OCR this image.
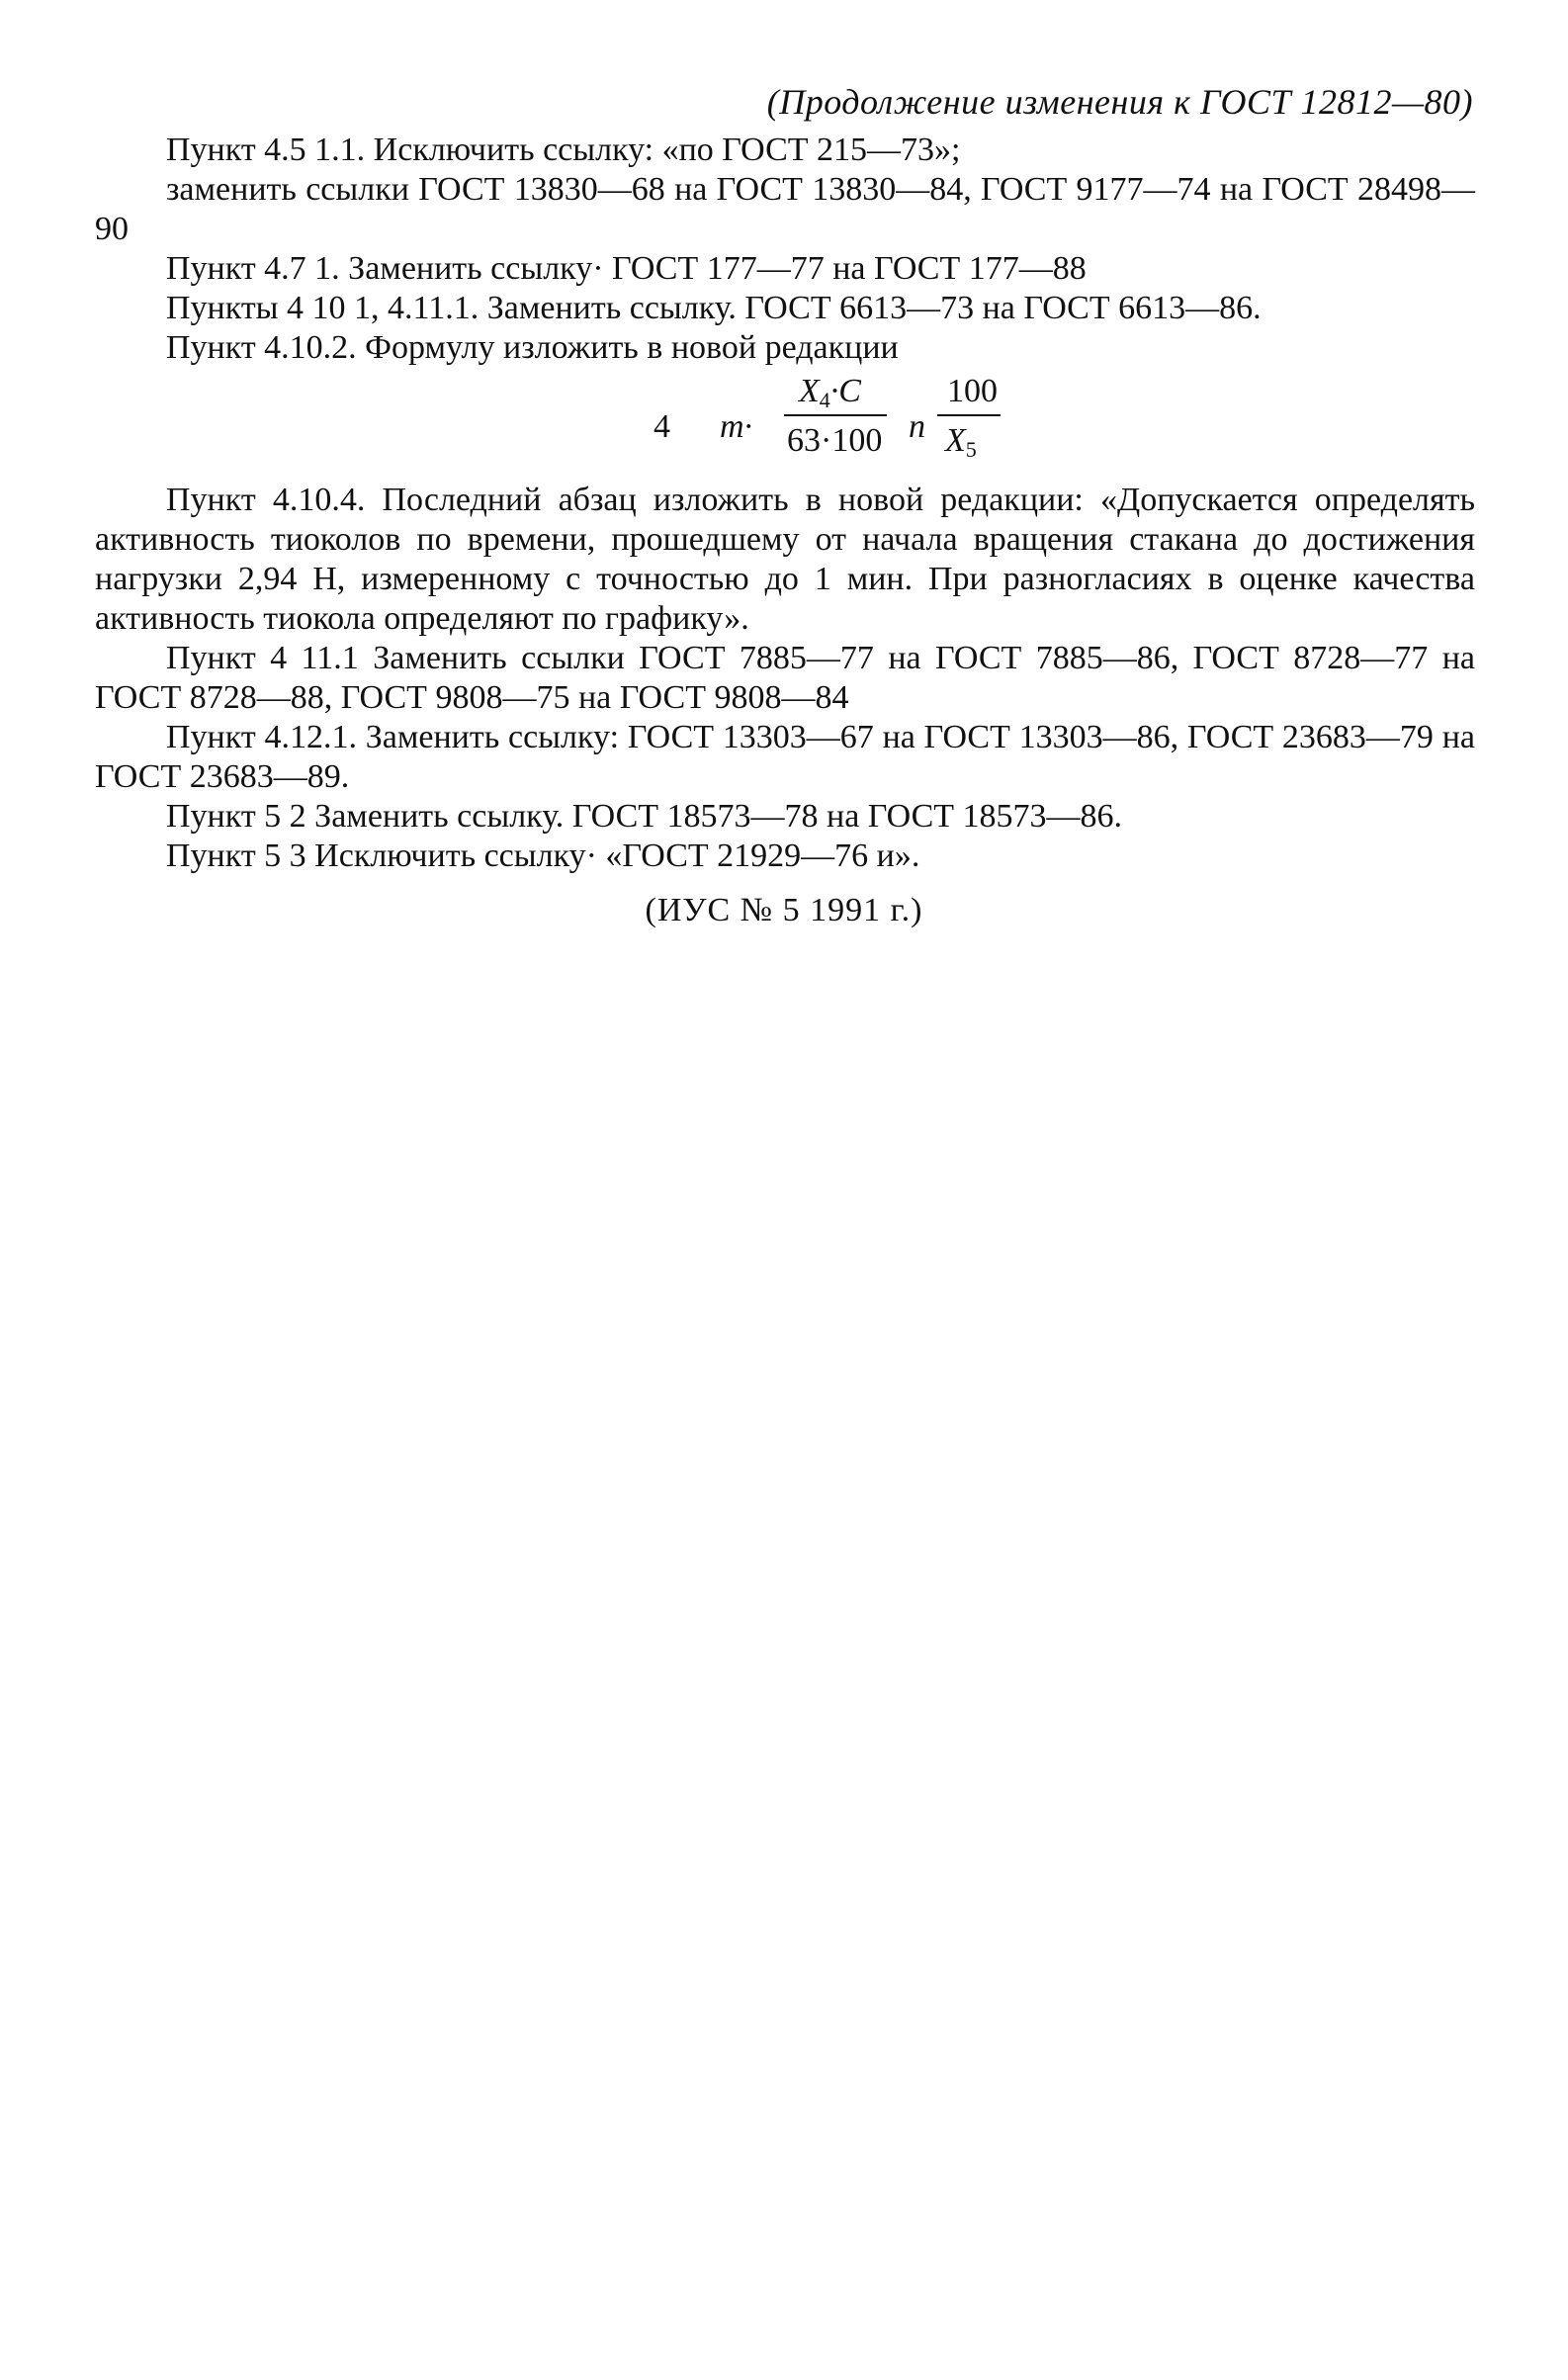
(Продолжение изменения к ГОСТ 12812—80)

Пункт 4.5 1.1. Исключить ссылку: «по ГОСТ 215—73»;

заменить ссылки ГОСТ 13830—68 на ГОСТ 13830—84, ГОСТ 9177—74 на ГОСТ 28498—90

Пункт 4.7 1. Заменить ссылку· ГОСТ 177—77 на ГОСТ 177—88

Пункты 4 10 1, 4.11.1. Заменить ссылку. ГОСТ 6613—73 на ГОСТ 6613—86.

Пункт 4.10.2. Формулу изложить в новой редакции

4 m·
$X_4\cdot C$
63·100 n
100
$X_5$

Пункт 4.10.4. Последний абзац изложить в новой редакции: «Допускается определять активность тиоколов по времени, прошедшему от начала вращения стакана до достижения нагрузки 2,94 Н, измеренному с точностью до 1 мин. При разногласиях в оценке качества активность тиокола определяют по графику».

Пункт 4 11.1 Заменить ссылки ГОСТ 7885—77 на ГОСТ 7885—86, ГОСТ 8728—77 на ГОСТ 8728—88, ГОСТ 9808—75 на ГОСТ 9808—84

Пункт 4.12.1. Заменить ссылку: ГОСТ 13303—67 на ГОСТ 13303—86, ГОСТ 23683—79 на ГОСТ 23683—89.

Пункт 5 2 Заменить ссылку. ГОСТ 18573—78 на ГОСТ 18573—86.

Пункт 5 3 Исключить ссылку· «ГОСТ 21929—76 и».

(ИУС № 5 1991 г.)
